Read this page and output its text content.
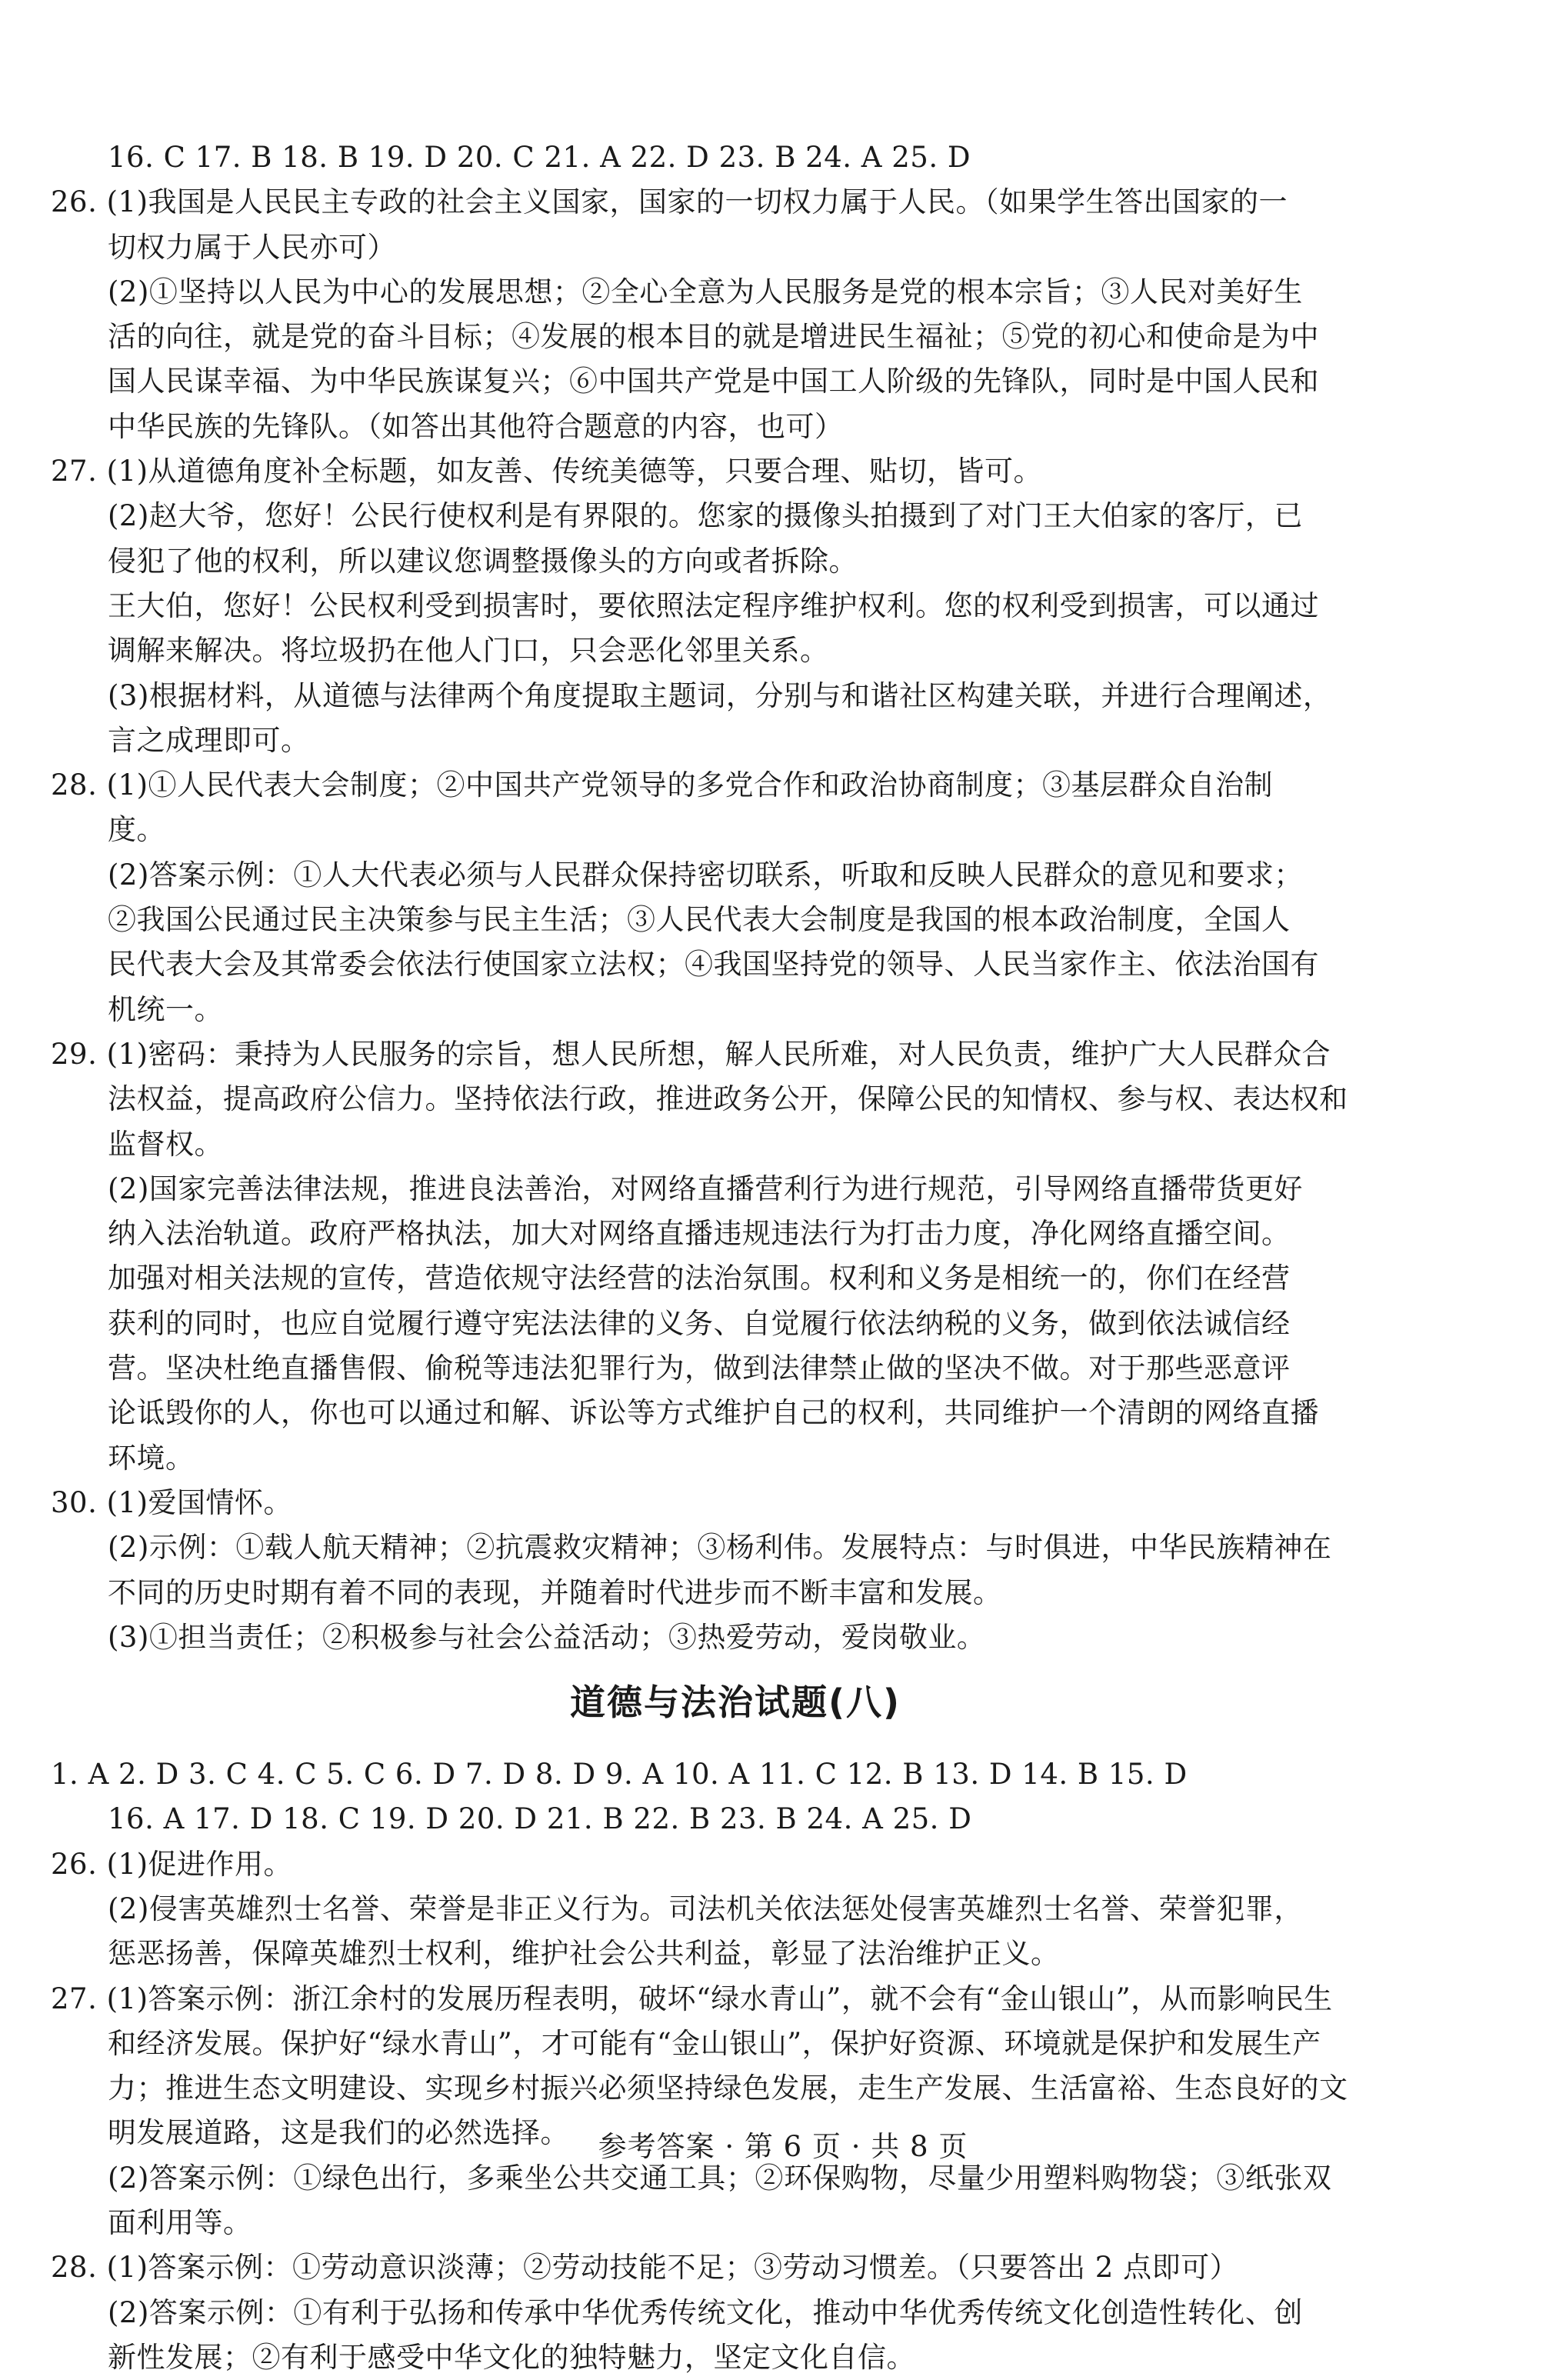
16. C 17. B 18. B 19. D 20. C 21. A 22. D 23. B 24. A 25. D
26. (1)我国是人民民主专政的社会主义国家，国家的一切权力属于人民。（如果学生答出国家的一
切权力属于人民亦可）
(2)①坚持以人民为中心的发展思想；②全心全意为人民服务是党的根本宗旨；③人民对美好生
活的向往，就是党的奋斗目标；④发展的根本目的就是增进民生福祉；⑤党的初心和使命是为中
国人民谋幸福、为中华民族谋复兴；⑥中国共产党是中国工人阶级的先锋队，同时是中国人民和
中华民族的先锋队。（如答出其他符合题意的内容，也可）
27. (1)从道德角度补全标题，如友善、传统美德等，只要合理、贴切，皆可。
(2)赵大爷，您好！公民行使权利是有界限的。您家的摄像头拍摄到了对门王大伯家的客厅，已
侵犯了他的权利，所以建议您调整摄像头的方向或者拆除。
王大伯，您好！公民权利受到损害时，要依照法定程序维护权利。您的权利受到损害，可以通过
调解来解决。将垃圾扔在他人门口，只会恶化邻里关系。
(3)根据材料，从道德与法律两个角度提取主题词，分别与和谐社区构建关联，并进行合理阐述，
言之成理即可。
28. (1)①人民代表大会制度；②中国共产党领导的多党合作和政治协商制度；③基层群众自治制
度。
(2)答案示例：①人大代表必须与人民群众保持密切联系，听取和反映人民群众的意见和要求；
②我国公民通过民主决策参与民主生活；③人民代表大会制度是我国的根本政治制度，全国人
民代表大会及其常委会依法行使国家立法权；④我国坚持党的领导、人民当家作主、依法治国有
机统一。
29. (1)密码：秉持为人民服务的宗旨，想人民所想，解人民所难，对人民负责，维护广大人民群众合
法权益，提高政府公信力。坚持依法行政，推进政务公开，保障公民的知情权、参与权、表达权和
监督权。
(2)国家完善法律法规，推进良法善治，对网络直播营利行为进行规范，引导网络直播带货更好
纳入法治轨道。政府严格执法，加大对网络直播违规违法行为打击力度，净化网络直播空间。
加强对相关法规的宣传，营造依规守法经营的法治氛围。权利和义务是相统一的，你们在经营
获利的同时，也应自觉履行遵守宪法法律的义务、自觉履行依法纳税的义务，做到依法诚信经
营。坚决杜绝直播售假、偷税等违法犯罪行为，做到法律禁止做的坚决不做。对于那些恶意评
论诋毁你的人，你也可以通过和解、诉讼等方式维护自己的权利，共同维护一个清朗的网络直播
环境。
30. (1)爱国情怀。
(2)示例：①载人航天精神；②抗震救灾精神；③杨利伟。发展特点：与时俱进，中华民族精神在
不同的历史时期有着不同的表现，并随着时代进步而不断丰富和发展。
(3)①担当责任；②积极参与社会公益活动；③热爱劳动，爱岗敬业。
道德与法治试题(八)
1. A 2. D 3. C 4. C 5. C 6. D 7. D 8. D 9. A 10. A 11. C 12. B 13. D 14. B 15. D
16. A 17. D 18. C 19. D 20. D 21. B 22. B 23. B 24. A 25. D
26. (1)促进作用。
(2)侵害英雄烈士名誉、荣誉是非正义行为。司法机关依法惩处侵害英雄烈士名誉、荣誉犯罪，
惩恶扬善，保障英雄烈士权利，维护社会公共利益，彰显了法治维护正义。
27. (1)答案示例：浙江余村的发展历程表明，破坏“绿水青山”，就不会有“金山银山”，从而影响民生
和经济发展。保护好“绿水青山”，才可能有“金山银山”，保护好资源、环境就是保护和发展生产
力；推进生态文明建设、实现乡村振兴必须坚持绿色发展，走生产发展、生活富裕、生态良好的文
明发展道路，这是我们的必然选择。
(2)答案示例：①绿色出行，多乘坐公共交通工具；②环保购物，尽量少用塑料购物袋；③纸张双
面利用等。
28. (1)答案示例：①劳动意识淡薄；②劳动技能不足；③劳动习惯差。（只要答出 2 点即可）
(2)答案示例：①有利于弘扬和传承中华优秀传统文化，推动中华优秀传统文化创造性转化、创
新性发展；②有利于感受中华文化的独特魅力，坚定文化自信。
参考答案 · 第 6 页 · 共 8 页
